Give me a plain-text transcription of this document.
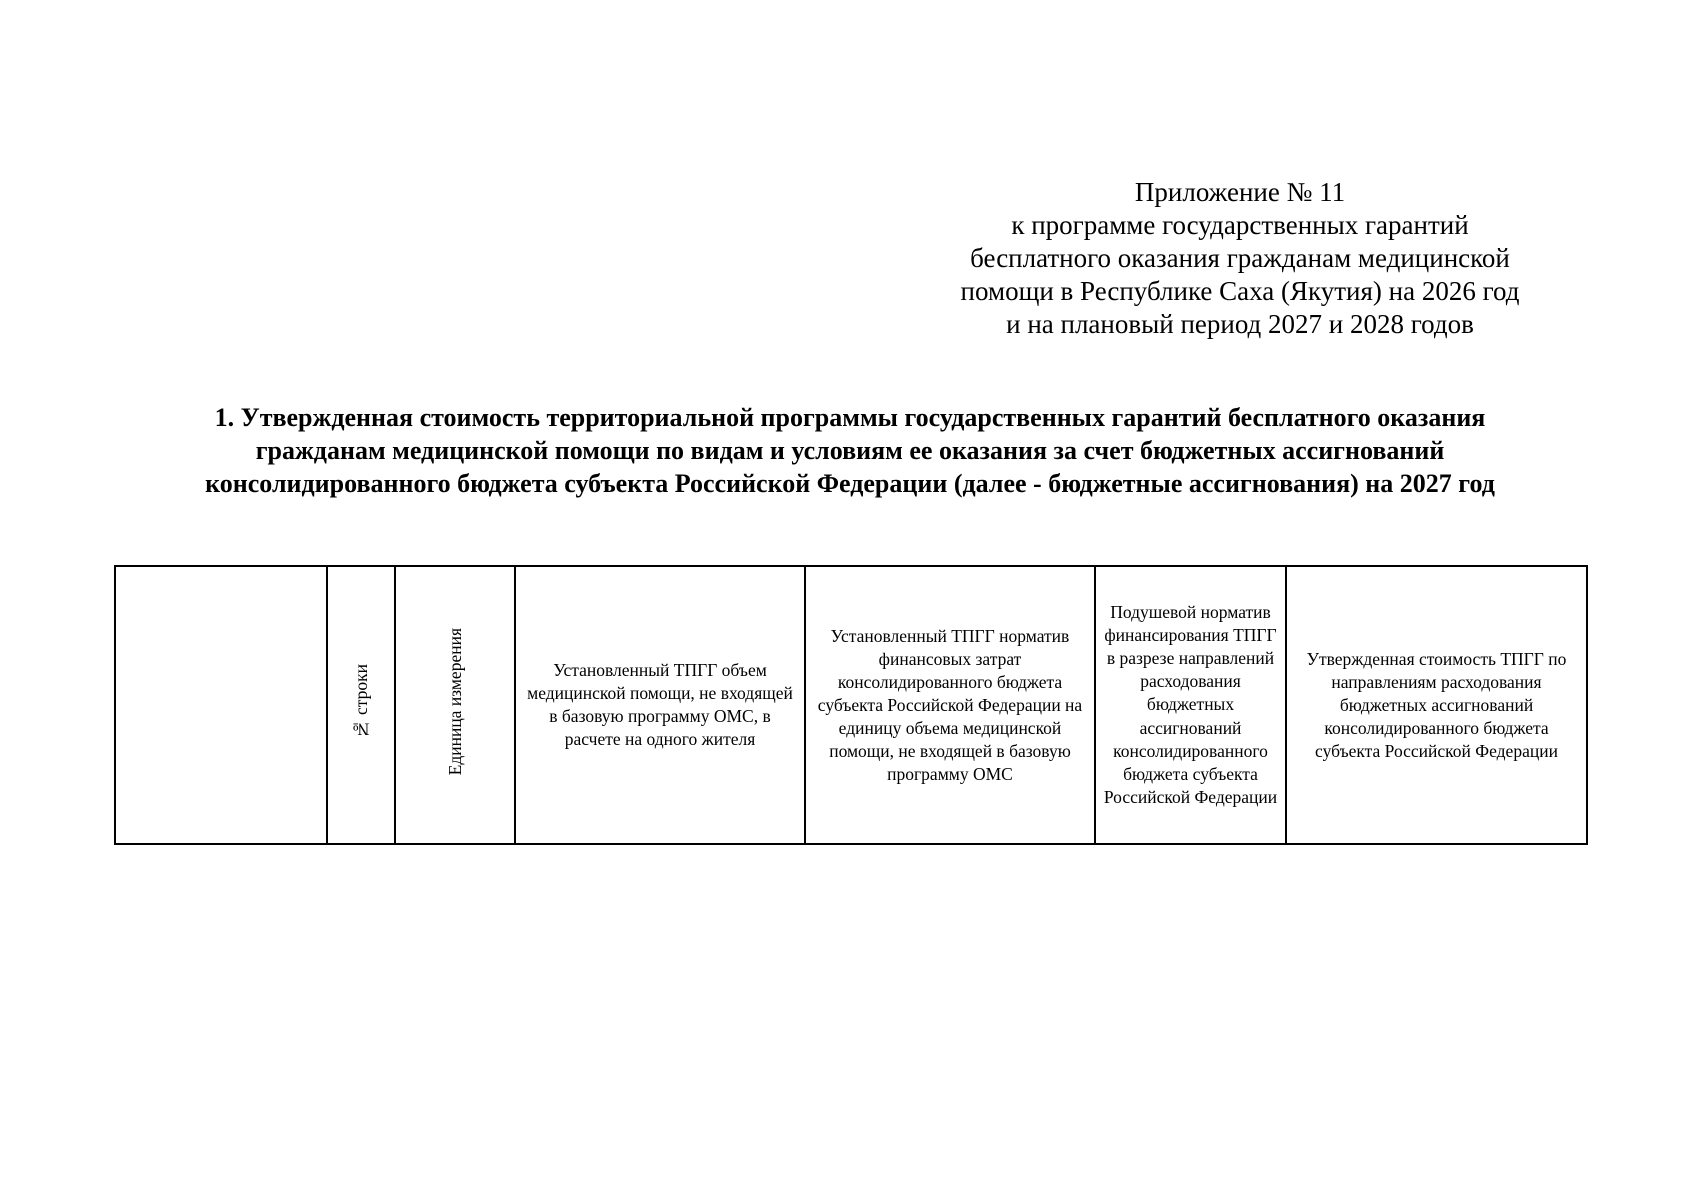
Приложение № 11
к программе государственных гарантий
бесплатного оказания гражданам медицинской
помощи в Республике Саха (Якутия) на 2026 год
и на плановый период 2027 и 2028 годов
1. Утвержденная стоимость территориальной программы государственных гарантий бесплатного оказания
гражданам медицинской помощи по видам и условиям ее оказания за счет бюджетных ассигнований
консолидированного бюджета субъекта Российской Федерации (далее - бюджетные ассигнования) на 2027 год
	№ строки	Единица измерения	Установленный ТПГГ объем медицинской помощи, не входящей в базовую программу ОМС, в расчете на одного жителя	Установленный ТПГГ норматив финансовых затрат консолидированного бюджета субъекта Российской Федерации на единицу объема медицинской помощи, не входящей в базовую программу ОМС	Подушевой норматив финансирования ТПГГ в разрезе направлений расходования бюджетных ассигнований консолидированного бюджета субъекта Российской Федерации	Утвержденная стоимость ТПГГ по направлениям расходования бюджетных ассигнований консолидированного бюджета субъекта Российской Федерации
